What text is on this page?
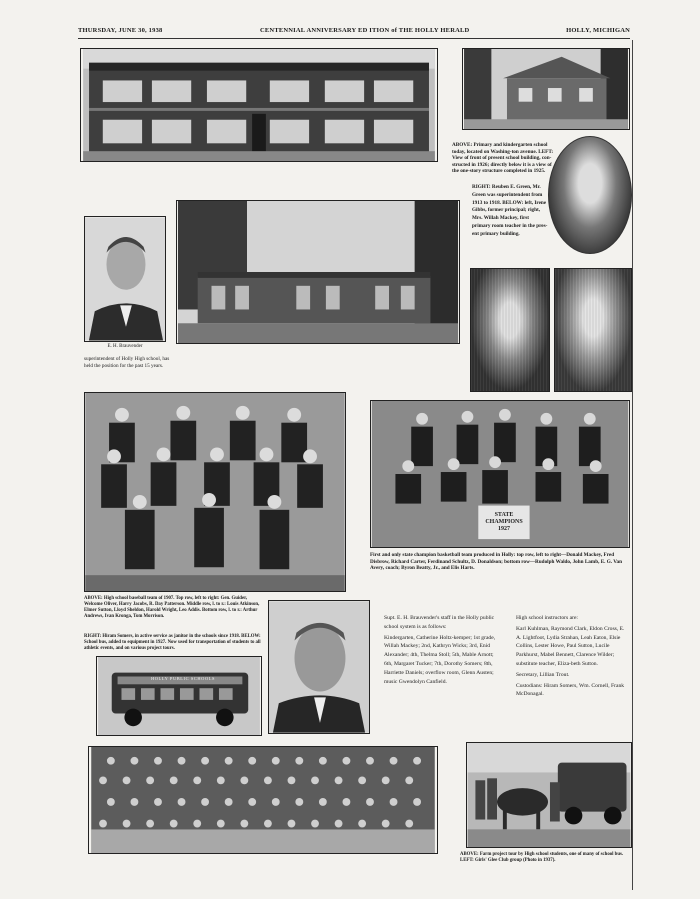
THURSDAY, JUNE 30, 1938	CENTENNIAL ANNIVERSARY ED ITION of THE HOLLY HERALD	HOLLY, MICHIGAN
ABOVE: Primary and kindergarten school today, located on Washing-ton avenue. LEFT: View of front of present school building, con-structed in 1926; directly below it is a view of the one-story structure completed in 1925.
RIGHT: Reuben E. Green, Mr. Green was superintendent from 1913 to 1918. BELOW: left, Irene Gibbs, former principal; right, Mrs. Willah Mackey, first primary room teacher in the pres-ent primary building.
E. H. Brauvender
superintendent of Holly High school, has held the position for the past 15 years.
STATE CHAMPIONS 1927
First and only state champion basketball team produced in Holly: top row, left to right—Donald Mackey, Fred Disbrow, Richard Carter, Ferdinand Schultz, D. Donaldson; bottom row—Rudolph Waldo, John Lamb, E. G. Van Avery, coach; Byron Beatty, Jr., and Elis Harts.
ABOVE: High school baseball team of 1907. Top row, left to right: Gen. Guider, Welcome Oliver, Harry Jacobs, R. Day Patterson. Middle row, l. to r.: Louis Atkinson, Elmer Sutton, Lloyd Sheldon, Harold Wright, Leo Addis. Bottom row, l. to r.: Arthur Andrews, Ivan Kronga, Tom Morrison.
RIGHT: Hiram Somers, in active service as janitor in the schools since 1918. BELOW: School bus, added to equipment in 1927. Now used for transportation of students to all athletic events, and on various project tours.

Supt. E. H. Brauvender's staff in the Holly public school system is as follows:

Kindergarten, Catherine Holtz-kemper; 1st grade, Willah Mackey; 2nd, Kathryn Wicks; 3rd, Enid Alexander; 4th, Thelma Stoll; 5th, Mable Arnott; 6th, Margaret Tucker; 7th, Dorothy Somers; 8th, Harriette Daniels; overflow room, Glenn Austen; music Gwendolyn Canfield.

High school instructors are:

Karl Kuhlman, Raymond Clark, Eldon Cross, E. A. Lightfoot, Lydia Strahan, Leah Eaton, Elsie Collins, Lester Howe, Paul Sutton, Lucile Parkhurst, Mabel Bennett, Clarence Wilder; substitute teacher, Eliza-beth Sutton.

Secretary, Lillian Trout.

Custodians: Hiram Somers, Wm. Cornell, Frank McDonagal.

HOLLY PUBLIC SCHOOLS
ABOVE: Farm project tour by High school students, one of many of school bus. LEFT: Girls' Glee Club group (Photo in 1937).
